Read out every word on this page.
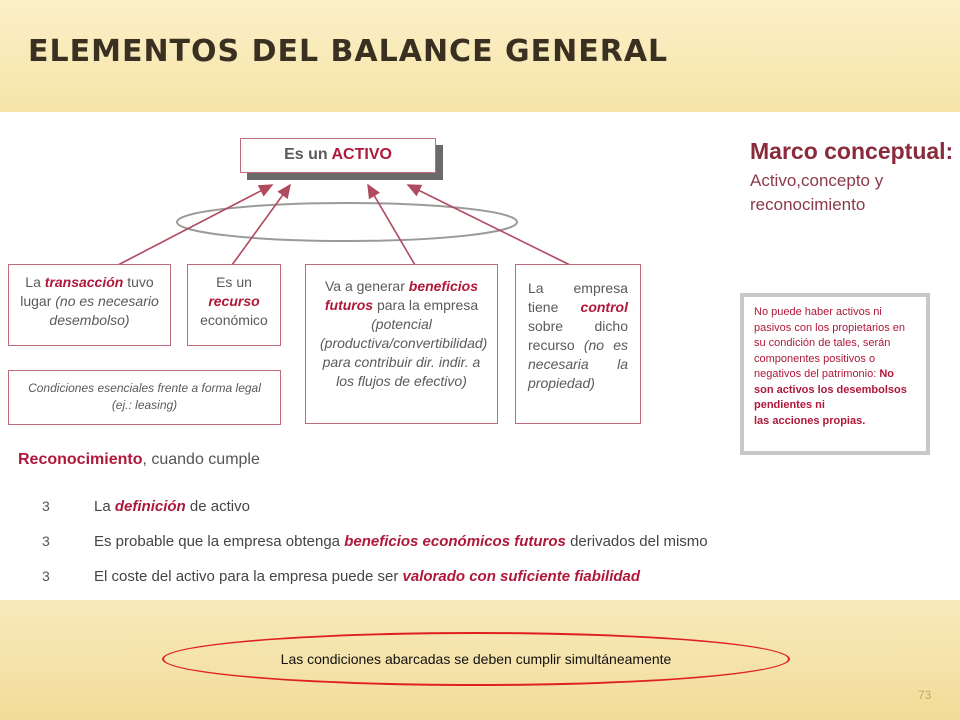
ELEMENTOS DEL BALANCE GENERAL
Es un ACTIVO	Marco conceptual:
Activo,concepto y
reconocimiento
La transacción tuvo lugar (no es necesario desembolso)
Es un recurso económico
Va a generar beneficios futuros para la empresa (potencial (productiva/convertibilidad) para contribuir dir. indir. a los flujos de efectivo)
La empresa tiene control sobre dicho recurso (no es necesaria la propiedad)
Condiciones esenciales frente a forma legal
(ej.: leasing)
No puede haber activos ni pasivos con los propietarios en su condición de tales, serán componentes positivos o negativos del patrimonio: No son activos los desembolsos pendientes ni
las acciones propias.
Reconocimiento, cuando cumple
3	La definición de activo
3	Es probable que la empresa obtenga beneficios económicos futuros derivados del mismo
3	El coste del activo para la empresa puede ser valorado con suficiente fiabilidad
Las condiciones abarcadas se deben cumplir simultáneamente
73
